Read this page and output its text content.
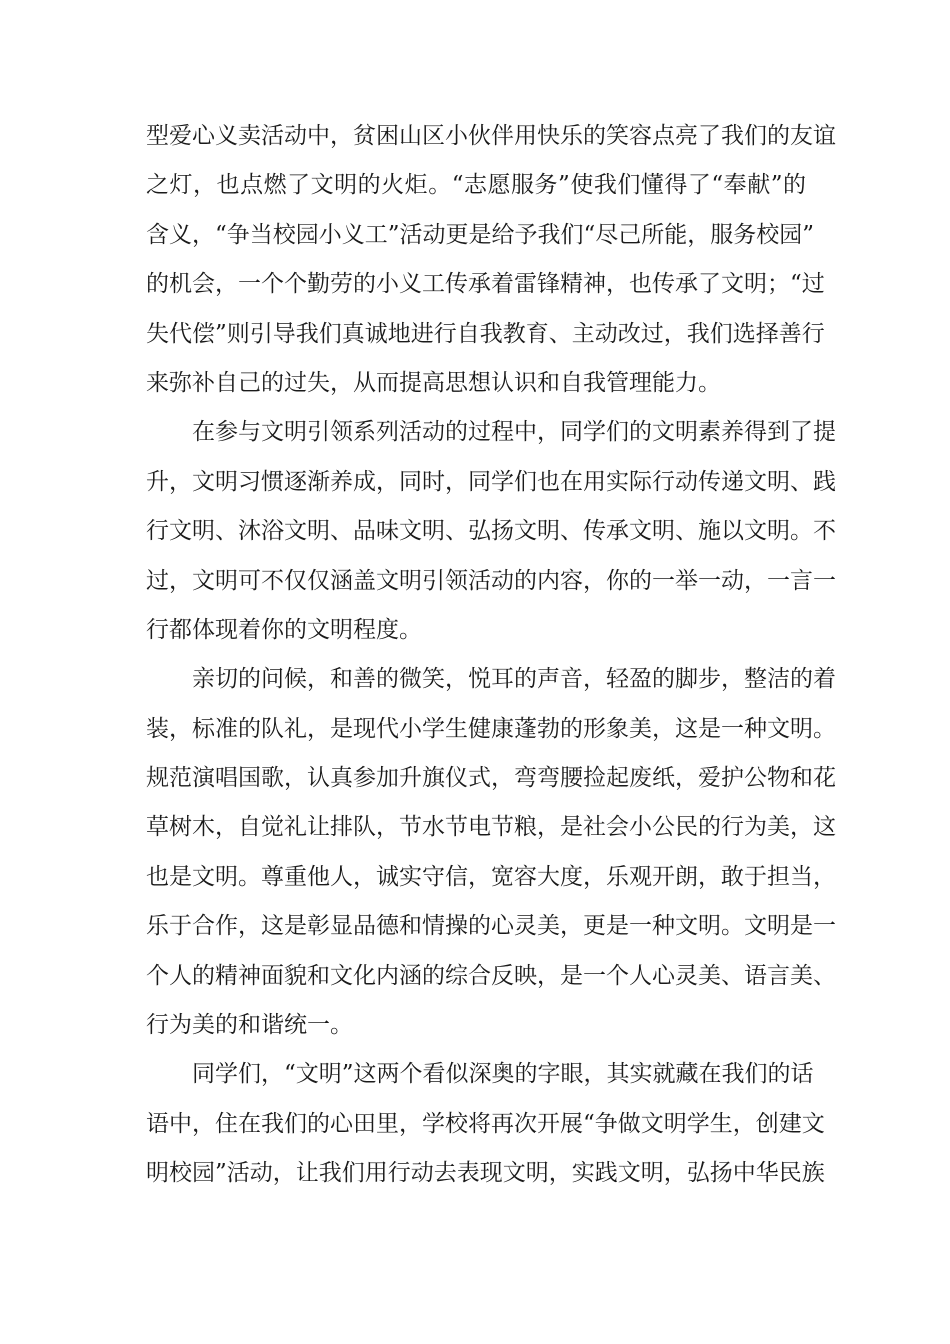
型爱心义卖活动中，贫困山区小伙伴用快乐的笑容点亮了我们的友谊
之灯，也点燃了文明的火炬。“志愿服务”使我们懂得了“奉献”的
含义，“争当校园小义工”活动更是给予我们“尽己所能，服务校园”
的机会，一个个勤劳的小义工传承着雷锋精神，也传承了文明；“过
失代偿”则引导我们真诚地进行自我教育、主动改过，我们选择善行
来弥补自己的过失，从而提高思想认识和自我管理能力。
在参与文明引领系列活动的过程中，同学们的文明素养得到了提
升，文明习惯逐渐养成，同时，同学们也在用实际行动传递文明、践
行文明、沐浴文明、品味文明、弘扬文明、传承文明、施以文明。不
过，文明可不仅仅涵盖文明引领活动的内容，你的一举一动，一言一
行都体现着你的文明程度。
亲切的问候，和善的微笑，悦耳的声音，轻盈的脚步，整洁的着
装，标准的队礼，是现代小学生健康蓬勃的形象美，这是一种文明。
规范演唱国歌，认真参加升旗仪式，弯弯腰捡起废纸，爱护公物和花
草树木，自觉礼让排队，节水节电节粮，是社会小公民的行为美，这
也是文明。尊重他人，诚实守信，宽容大度，乐观开朗，敢于担当，
乐于合作，这是彰显品德和情操的心灵美，更是一种文明。文明是一
个人的精神面貌和文化内涵的综合反映，是一个人心灵美、语言美、
行为美的和谐统一。
同学们，“文明”这两个看似深奥的字眼，其实就藏在我们的话
语中，住在我们的心田里，学校将再次开展“争做文明学生，创建文
明校园”活动，让我们用行动去表现文明，实践文明，弘扬中华民族
